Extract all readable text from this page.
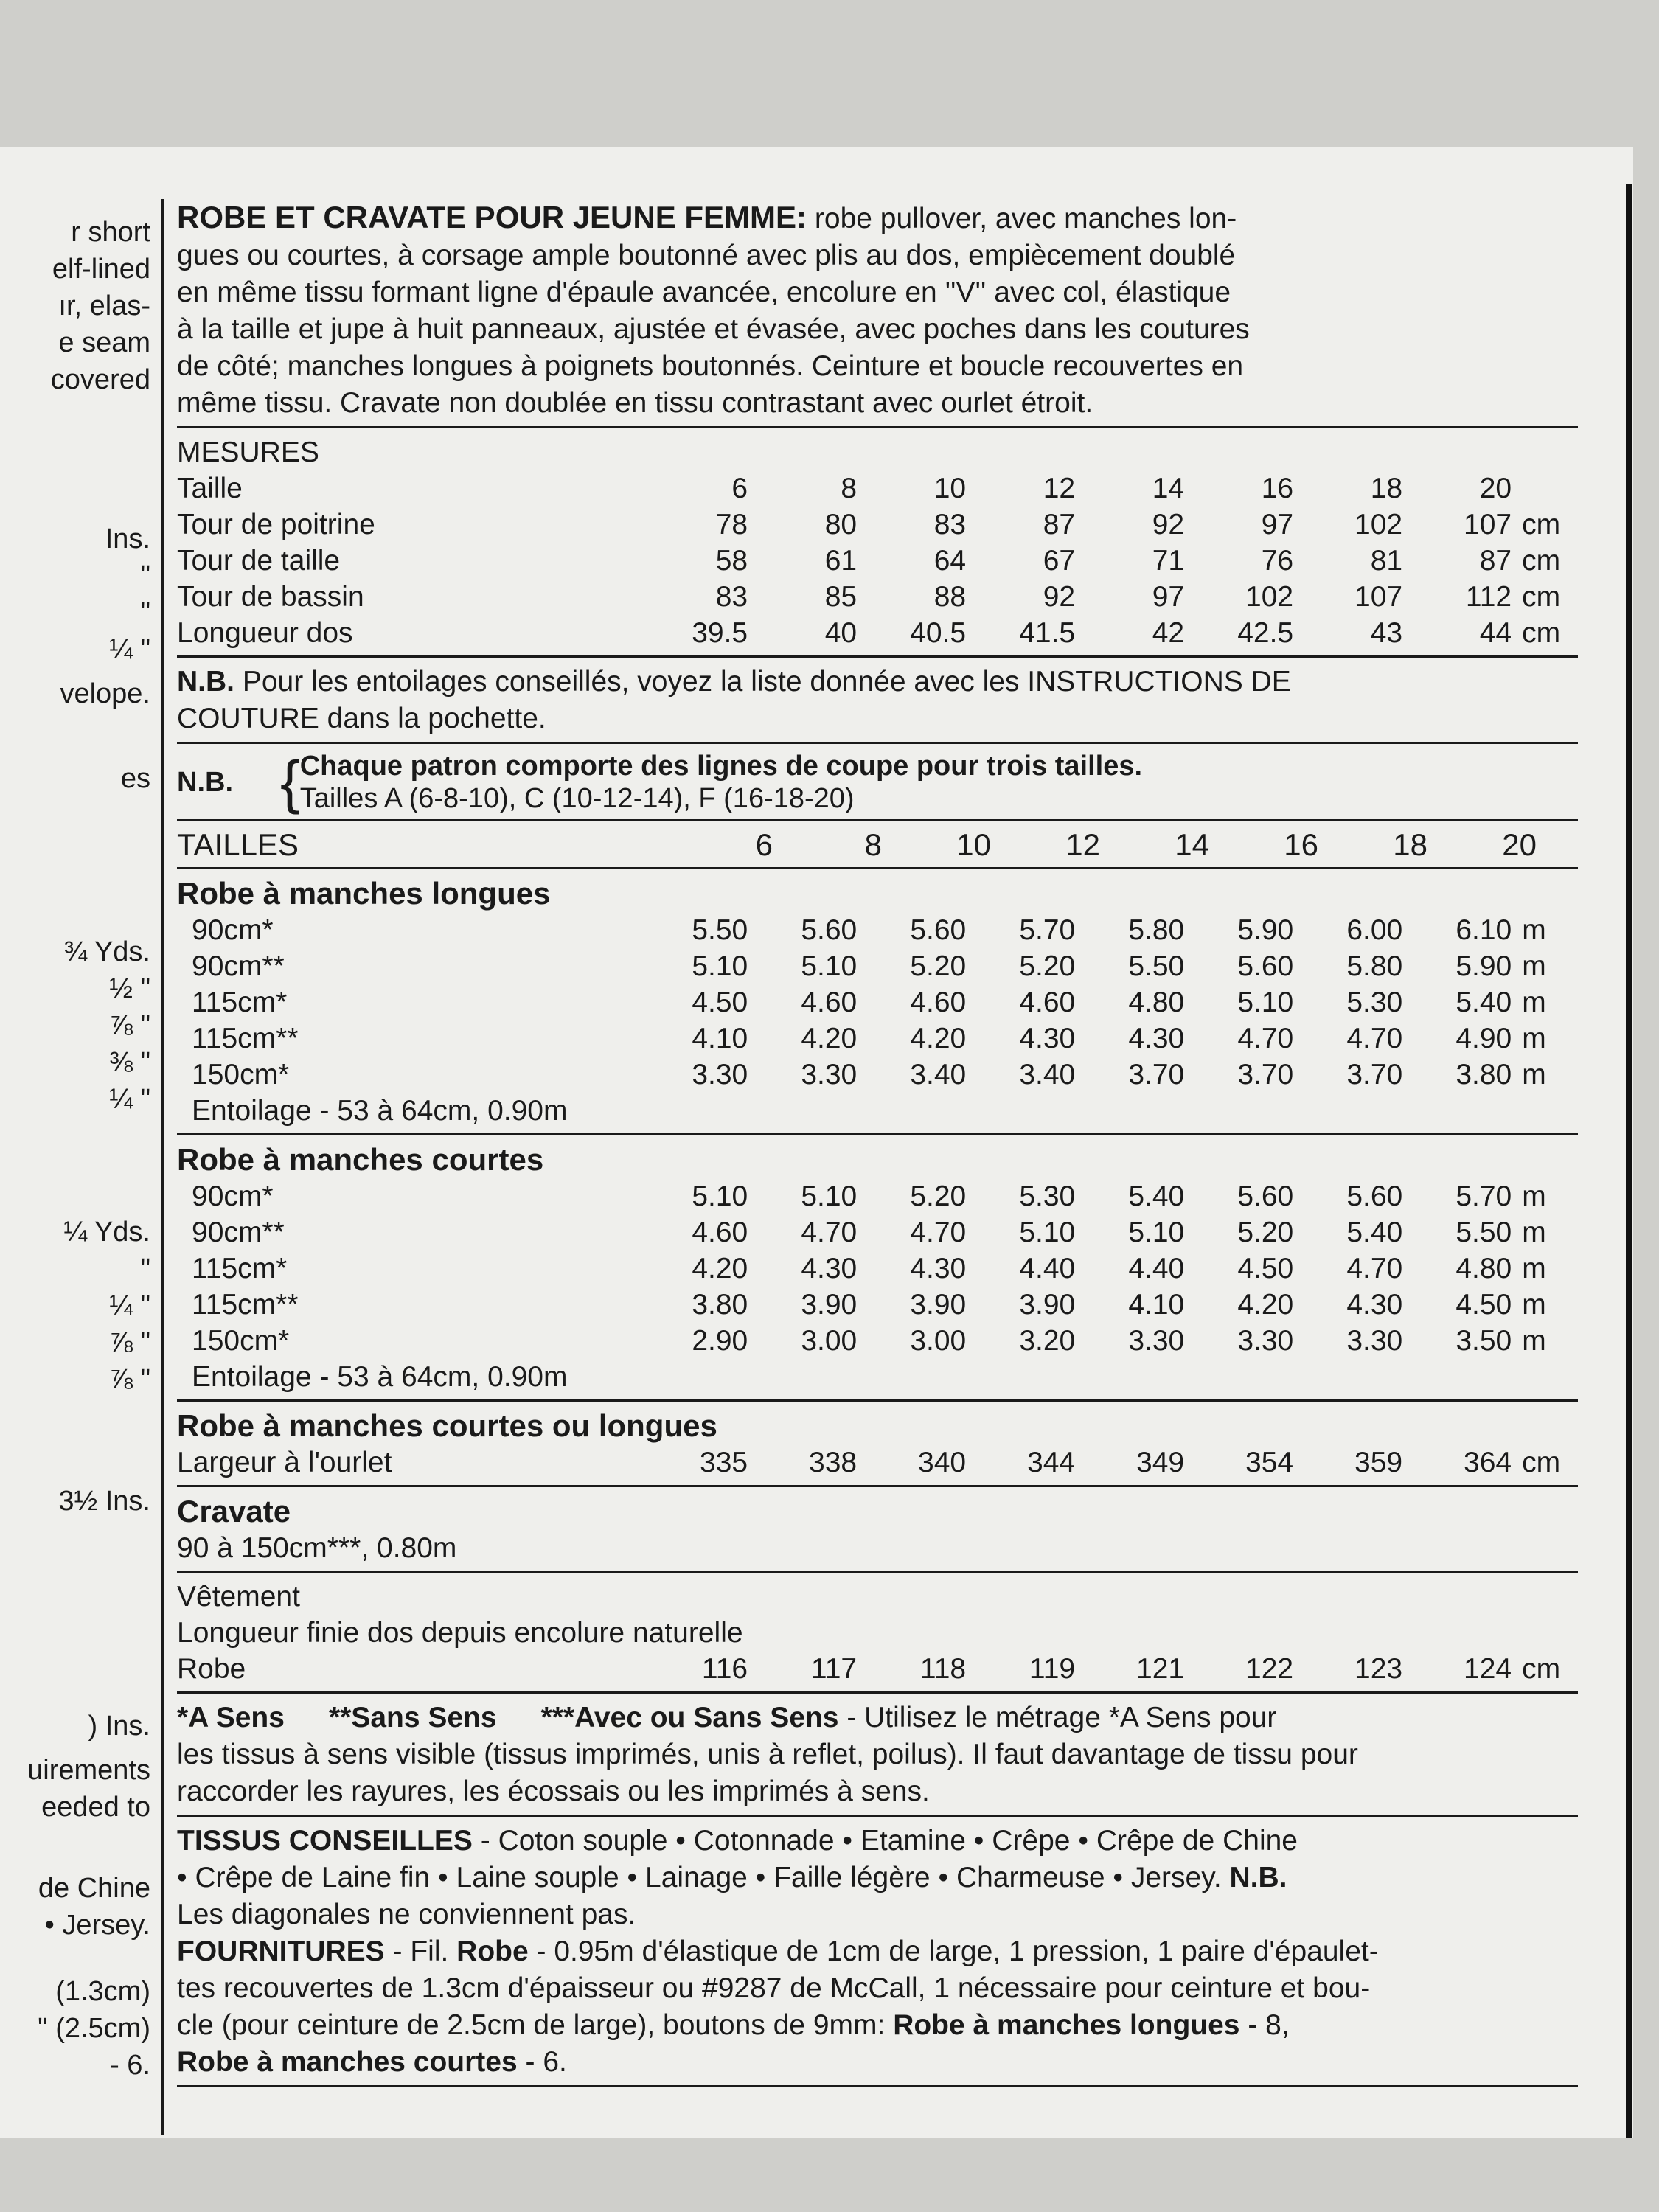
r short
elf-lined
ır, elas-
e seam
covered
Ins.
"
"
¼ "
velope.
es
¾ Yds.
½ "
⅞ "
⅜ "
¼ "
¼ Yds.
"
¼ "
⅞ "
⅞ "
3½ Ins.
) Ins.
uirements
eeded to
de Chine
• Jersey.
(1.3cm)
" (2.5cm)
- 6.
ROBE ET CRAVATE POUR JEUNE FEMME: robe pullover, avec manches lon-
gues ou courtes, à corsage ample boutonné avec plis au dos, empiècement doublé
en même tissu formant ligne d'épaule avancée, encolure en ''V'' avec col, élastique
à la taille et jupe à huit panneaux, ajustée et évasée, avec poches dans les coutures
de côté; manches longues à poignets boutonnés. Ceinture et boucle recouvertes en
même tissu. Cravate non doublée en tissu contrastant avec ourlet étroit.
MESURES
Taille	6	8	10	12	14	16	18	20
Tour de poitrine	78	80	83	87	92	97	102	107 cm
Tour de taille	58	61	64	67	71	76	81	87 cm
Tour de bassin	83	85	88	92	97	102	107	112 cm
Longueur dos	39.5	40	40.5	41.5	42	42.5	43	44 cm
N.B. Pour les entoilages conseillés, voyez la liste donnée avec les INSTRUCTIONS DE
COUTURE dans la pochette.
N.B. { Chaque patron comporte des lignes de coupe pour trois tailles.
Tailles A (6-8-10), C (10-12-14), F (16-18-20)
TAILLES	6	8	10	12	14	16	18	20
Robe à manches longues
90cm*	5.50	5.60	5.60	5.70	5.80	5.90	6.00	6.10 m
90cm**	5.10	5.10	5.20	5.20	5.50	5.60	5.80	5.90 m
115cm*	4.50	4.60	4.60	4.60	4.80	5.10	5.30	5.40 m
115cm**	4.10	4.20	4.20	4.30	4.30	4.70	4.70	4.90 m
150cm*	3.30	3.30	3.40	3.40	3.70	3.70	3.70	3.80 m
Entoilage - 53 à 64cm, 0.90m
Robe à manches courtes
90cm*	5.10	5.10	5.20	5.30	5.40	5.60	5.60	5.70 m
90cm**	4.60	4.70	4.70	5.10	5.10	5.20	5.40	5.50 m
115cm*	4.20	4.30	4.30	4.40	4.40	4.50	4.70	4.80 m
115cm**	3.80	3.90	3.90	3.90	4.10	4.20	4.30	4.50 m
150cm*	2.90	3.00	3.00	3.20	3.30	3.30	3.30	3.50 m
Entoilage - 53 à 64cm, 0.90m
Robe à manches courtes ou longues
Largeur à l'ourlet	335	338	340	344	349	354	359	364 cm
Cravate
90 à 150cm***, 0.80m
Vêtement
Longueur finie dos depuis encolure naturelle
Robe	116	117	118	119	121	122	123	124 cm
*A Sens **Sans Sens ***Avec ou Sans Sens - Utilisez le métrage *A Sens pour
les tissus à sens visible (tissus imprimés, unis à reflet, poilus). Il faut davantage de tissu pour
raccorder les rayures, les écossais ou les imprimés à sens.
TISSUS CONSEILLES - Coton souple • Cotonnade • Etamine • Crêpe • Crêpe de Chine
• Crêpe de Laine fin • Laine souple • Lainage • Faille légère • Charmeuse • Jersey. N.B.
Les diagonales ne conviennent pas.
FOURNITURES - Fil. Robe - 0.95m d'élastique de 1cm de large, 1 pression, 1 paire d'épaulet-
tes recouvertes de 1.3cm d'épaisseur ou #9287 de McCall, 1 nécessaire pour ceinture et bou-
cle (pour ceinture de 2.5cm de large), boutons de 9mm: Robe à manches longues - 8,
Robe à manches courtes - 6.
